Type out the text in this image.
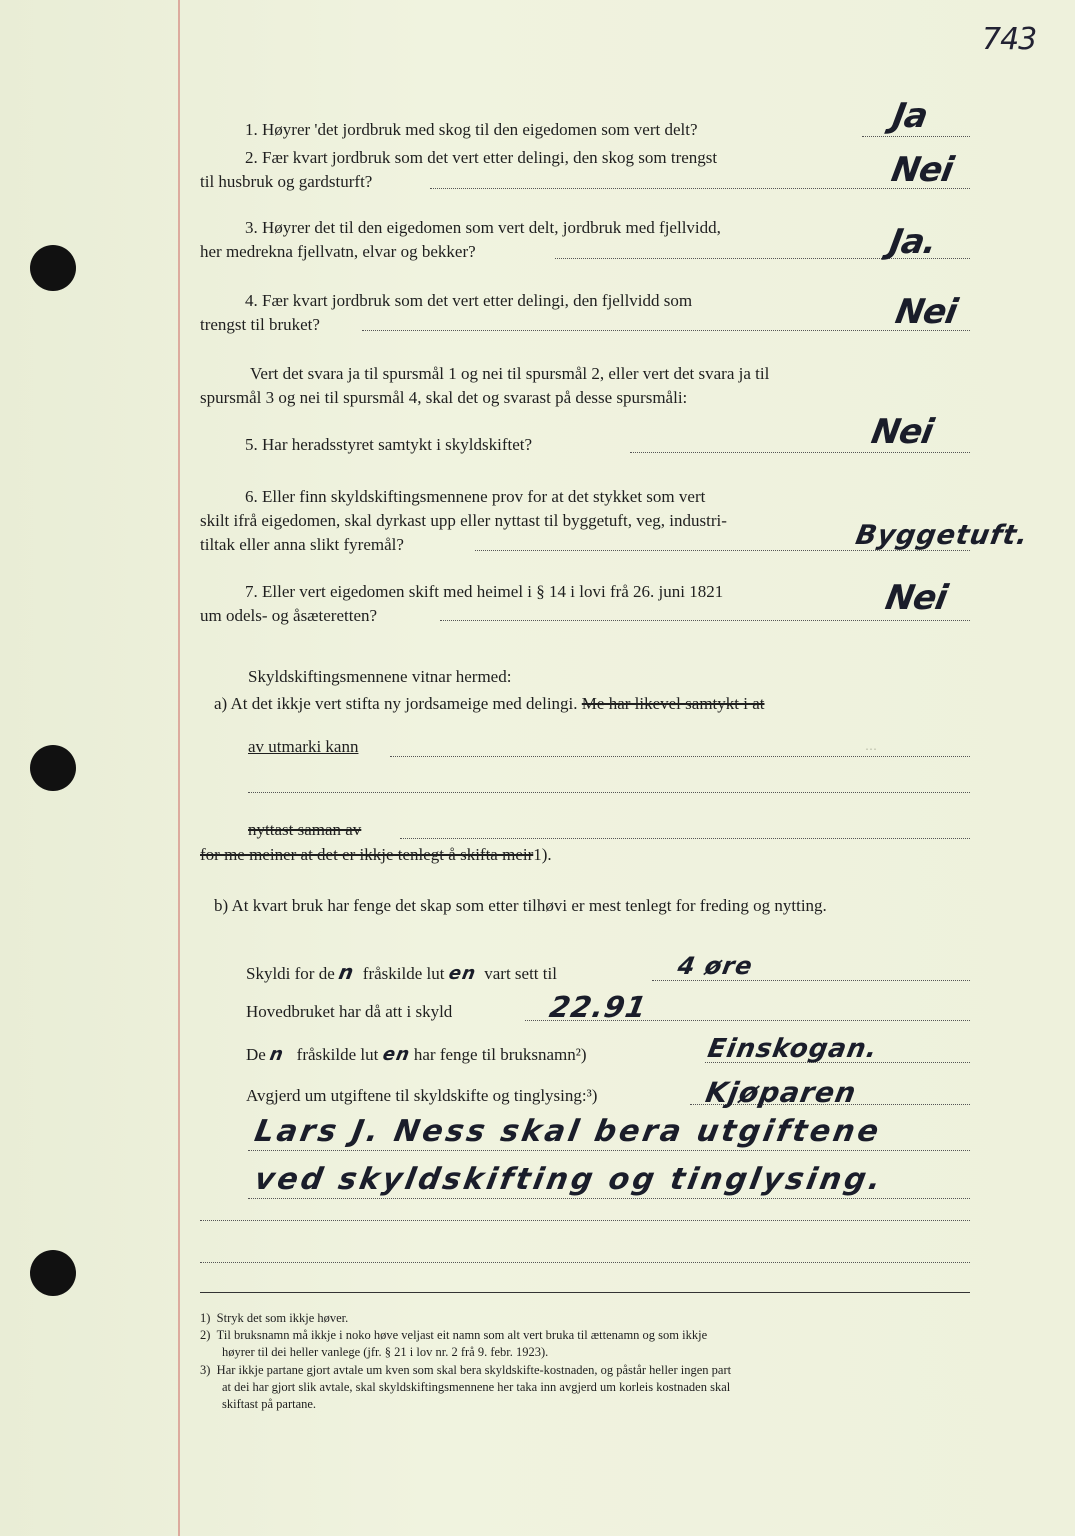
743
1. Høyrer 'det jordbruk med skog til den eigedomen som vert delt?	Ja
2. Fær kvart jordbruk som det vert etter delingi, den skog som trengst
til husbruk og gardsturft?	Nei
3. Høyrer det til den eigedomen som vert delt, jordbruk med fjellvidd,
her medrekna fjellvatn, elvar og bekker?	Ja.
4. Fær kvart jordbruk som det vert etter delingi, den fjellvidd som
trengst til bruket?	Nei
Vert det svara ja til spursmål 1 og nei til spursmål 2, eller vert det svara ja til
spursmål 3 og nei til spursmål 4, skal det og svarast på desse spursmåli:
5. Har heradsstyret samtykt i skyldskiftet?	Nei
6. Eller finn skyldskiftingsmennene prov for at det stykket som vert
skilt ifrå eigedomen, skal dyrkast upp eller nyttast til byggetuft, veg, industri-
tiltak eller anna slikt fyremål?	Byggetuft.
7. Eller vert eigedomen skift med heimel i § 14 i lovi frå 26. juni 1821
um odels- og åsæteretten?	Nei
Skyldskiftingsmennene vitnar hermed:
a) At det ikkje vert stifta ny jordsameige med delingi. Me har likevel samtykt i at
av utmarki kann	⋯
nyttast saman av
for me meiner at det er ikkje tenlegt å skifta meir1).
b) At kvart bruk har fenge det skap som etter tilhøvi er mest tenlegt for freding og nytting.
Skyldi for de n fråskilde lut en vart sett til	4 øre
Hovedbruket har då att i skyld	22.91
De n fråskilde lut en har fenge til bruksnamn²)	Einskogan.
Avgjerd um utgiftene til skyldskifte og tinglysing:³)	Kjøparen
Lars J. Ness skal bera utgiftene
ved skyldskifting og tinglysing.
1) Stryk det som ikkje høver.
2) Til bruksnamn må ikkje i noko høve veljast eit namn som alt vert bruka til ættenamn og som ikkje
høyrer til dei heller vanlege (jfr. § 21 i lov nr. 2 frå 9. febr. 1923).
3) Har ikkje partane gjort avtale um kven som skal bera skyldskifte-kostnaden, og påstår heller ingen part
at dei har gjort slik avtale, skal skyldskiftingsmennene her taka inn avgjerd um korleis kostnaden skal
skiftast på partane.
